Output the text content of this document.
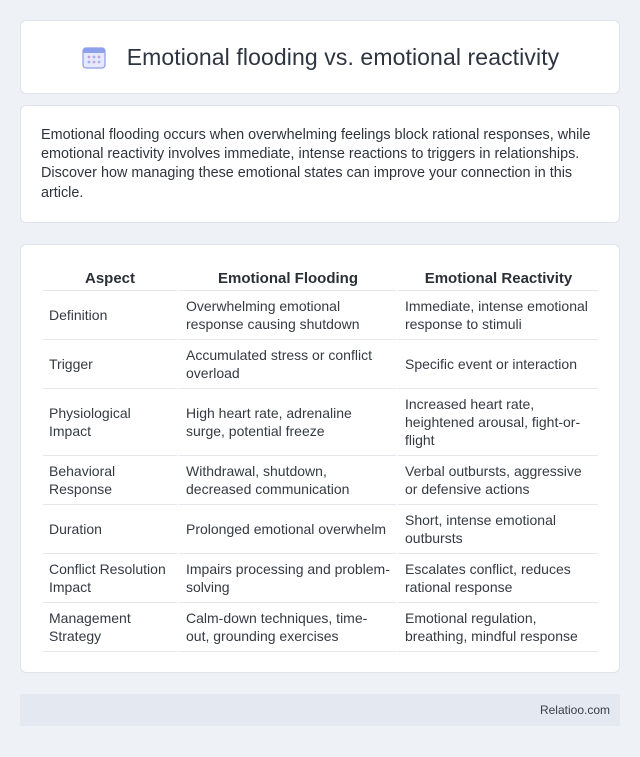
Emotional flooding vs. emotional reactivity

Emotional flooding occurs when overwhelming feelings block rational responses, while emotional reactivity involves immediate, intense reactions to triggers in relationships. Discover how managing these emotional states can improve your connection in this article.

Aspect	Emotional Flooding	Emotional Reactivity
Definition	Overwhelming emotional response causing shutdown	Immediate, intense emotional response to stimuli
Trigger	Accumulated stress or conflict overload	Specific event or interaction
Physiological Impact	High heart rate, adrenaline surge, potential freeze	Increased heart rate, heightened arousal, fight-or-flight
Behavioral Response	Withdrawal, shutdown, decreased communication	Verbal outbursts, aggressive or defensive actions
Duration	Prolonged emotional overwhelm	Short, intense emotional outbursts
Conflict Resolution Impact	Impairs processing and problem-solving	Escalates conflict, reduces rational response
Management Strategy	Calm-down techniques, time-out, grounding exercises	Emotional regulation, breathing, mindful response
Relatioo.com
